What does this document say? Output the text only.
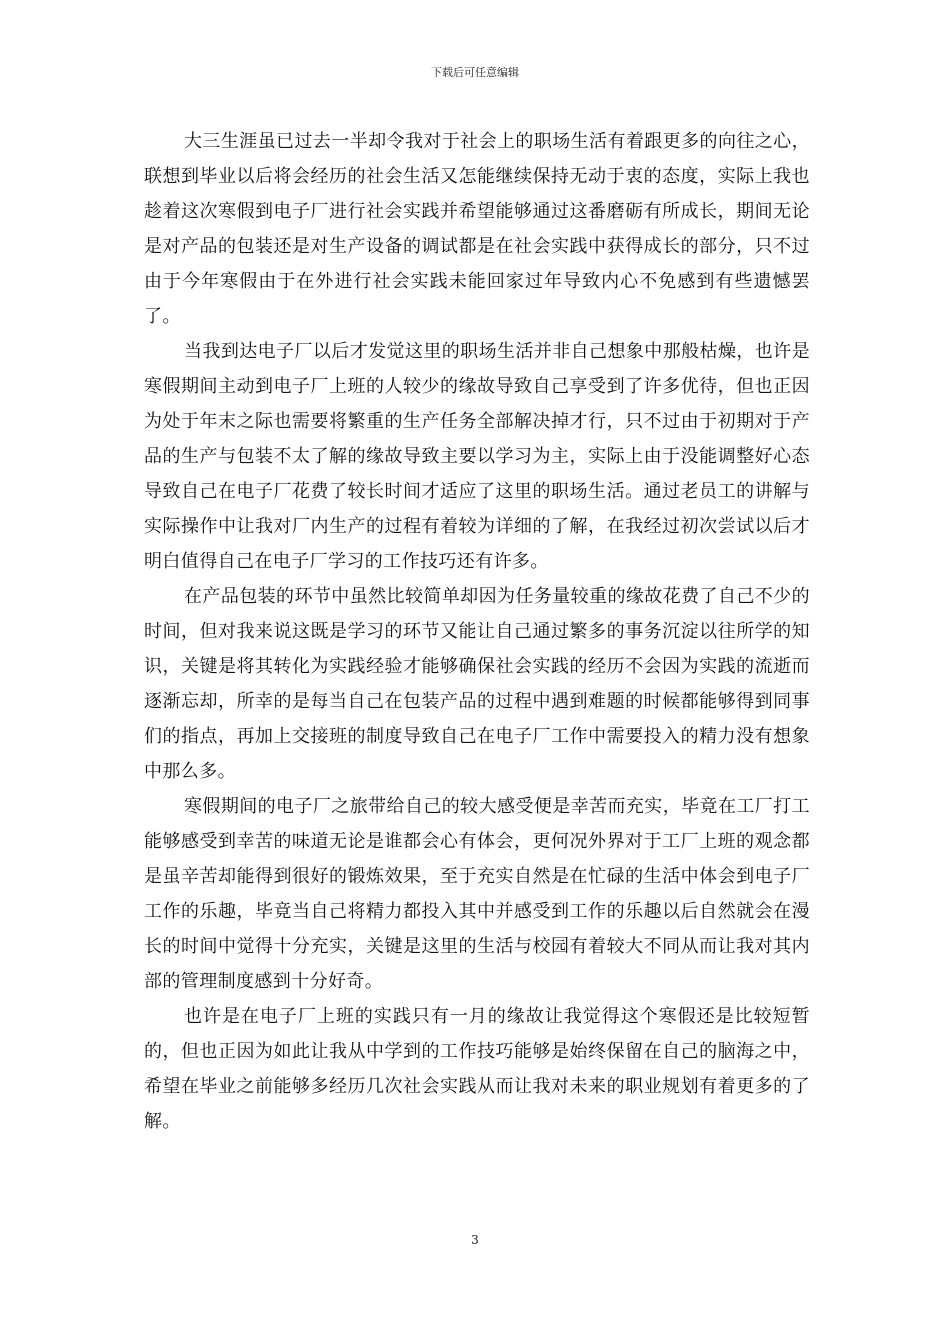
下载后可任意编辑

大三生涯虽已过去一半却令我对于社会上的职场生活有着跟更多的向往之心，联想到毕业以后将会经历的社会生活又怎能继续保持无动于衷的态度，实际上我也趁着这次寒假到电子厂进行社会实践并希望能够通过这番磨砺有所成长，期间无论是对产品的包装还是对生产设备的调试都是在社会实践中获得成长的部分，只不过由于今年寒假由于在外进行社会实践未能回家过年导致内心不免感到有些遗憾罢了。

当我到达电子厂以后才发觉这里的职场生活并非自己想象中那般枯燥，也许是寒假期间主动到电子厂上班的人较少的缘故导致自己享受到了许多优待，但也正因为处于年末之际也需要将繁重的生产任务全部解决掉才行，只不过由于初期对于产品的生产与包装不太了解的缘故导致主要以学习为主，实际上由于没能调整好心态导致自己在电子厂花费了较长时间才适应了这里的职场生活。通过老员工的讲解与实际操作中让我对厂内生产的过程有着较为详细的了解，在我经过初次尝试以后才明白值得自己在电子厂学习的工作技巧还有许多。

在产品包装的环节中虽然比较简单却因为任务量较重的缘故花费了自己不少的时间，但对我来说这既是学习的环节又能让自己通过繁多的事务沉淀以往所学的知识，关键是将其转化为实践经验才能够确保社会实践的经历不会因为实践的流逝而逐渐忘却，所幸的是每当自己在包装产品的过程中遇到难题的时候都能够得到同事们的指点，再加上交接班的制度导致自己在电子厂工作中需要投入的精力没有想象中那么多。

寒假期间的电子厂之旅带给自己的较大感受便是幸苦而充实，毕竟在工厂打工能够感受到幸苦的味道无论是谁都会心有体会，更何况外界对于工厂上班的观念都是虽辛苦却能得到很好的锻炼效果，至于充实自然是在忙碌的生活中体会到电子厂工作的乐趣，毕竟当自己将精力都投入其中并感受到工作的乐趣以后自然就会在漫长的时间中觉得十分充实，关键是这里的生活与校园有着较大不同从而让我对其内部的管理制度感到十分好奇。

也许是在电子厂上班的实践只有一月的缘故让我觉得这个寒假还是比较短暂的，但也正因为如此让我从中学到的工作技巧能够是始终保留在自己的脑海之中，希望在毕业之前能够多经历几次社会实践从而让我对未来的职业规划有着更多的了解。

3
